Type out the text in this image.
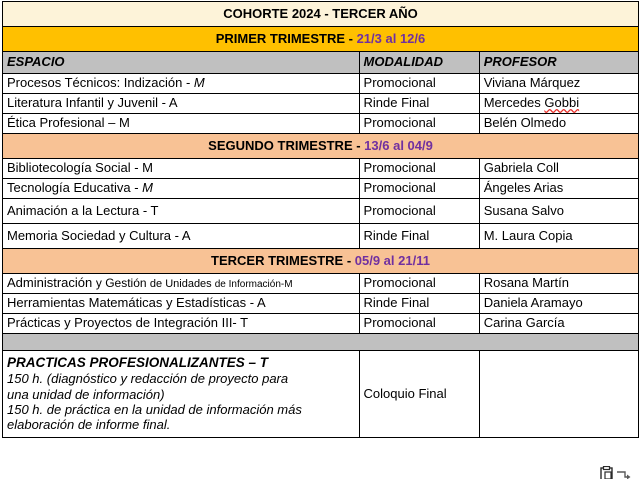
COHORTE 2024 - TERCER AÑO		
PRIMER TRIMESTRE - 21/3 al 12/6		
ESPACIO	MODALIDAD	PROFESOR
Procesos Técnicos: Indización - M	Promocional	Viviana Márquez
Literatura Infantil y Juvenil - A	Rinde Final	Mercedes Gobbi
Ética Profesional – M	Promocional	Belén Olmedo
SEGUNDO TRIMESTRE - 13/6 al 04/9		
Bibliotecología Social - M	Promocional	Gabriela Coll
Tecnología Educativa - M	Promocional	Ángeles Arias
Animación a la Lectura - T	Promocional	Susana Salvo
Memoria Sociedad y Cultura - A	Rinde Final	M. Laura Copia
TERCER TRIMESTRE - 05/9 al 21/11		
Administración y Gestión de Unidades de Información-M	Promocional	Rosana Martín
Herramientas Matemáticas y Estadísticas - A	Rinde Final	Daniela Aramayo
Prácticas y Proyectos de Integración III- T	Promocional	Carina García

PRACTICAS PROFESIONALIZANTES – T
150 h. (diagnóstico y redacción de proyecto para
una unidad de información)
150 h. de práctica en la unidad de información más
elaboración de informe final.	Coloquio Final	
